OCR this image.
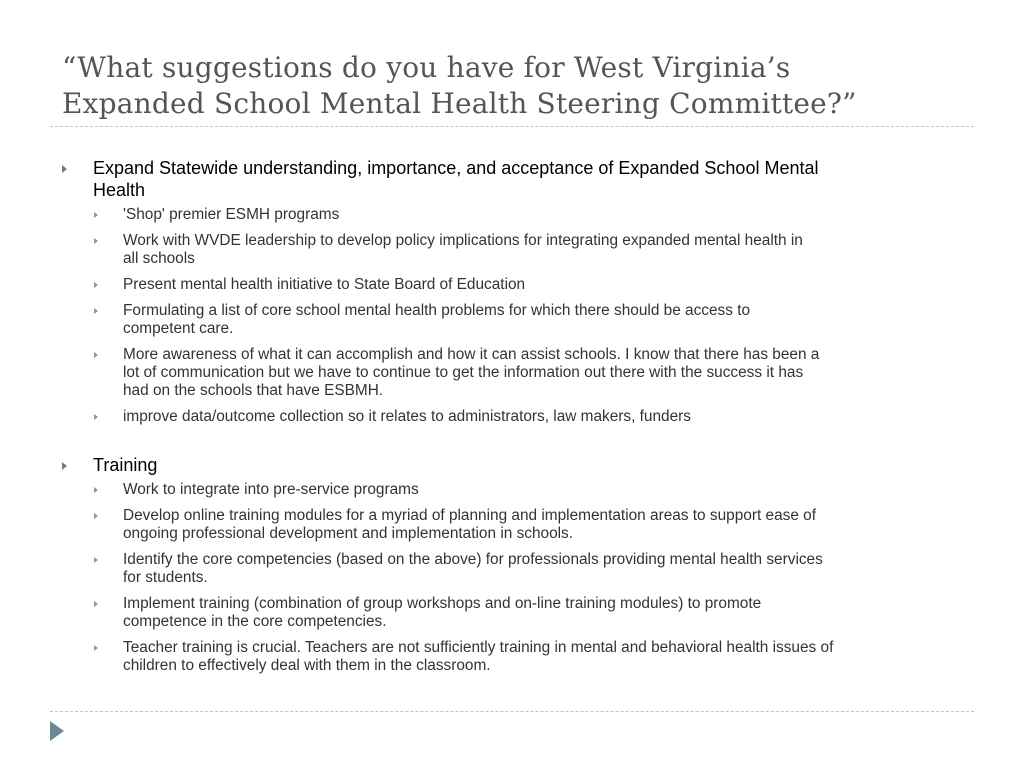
“What suggestions do you have for West Virginia’s
Expanded School Mental Health Steering Committee?”
Expand Statewide understanding, importance, and acceptance of Expanded School Mental
Health
'Shop' premier ESMH programs
Work with WVDE leadership to develop policy implications for integrating expanded mental health in
all schools
Present mental health initiative to State Board of Education
Formulating a list of core school mental health problems for which there should be access to
competent care.
More awareness of what it can accomplish and how it can assist schools. I know that there has been a
lot of communication but we have to continue to get the information out there with the success it has
had on the schools that have ESBMH.
improve data/outcome collection so it relates to administrators, law makers, funders
Training
Work to integrate into pre-service programs
Develop online training modules for a myriad of planning and implementation areas to support ease of
ongoing professional development and implementation in schools.
Identify the core competencies (based on the above) for professionals providing mental health services
for students.
Implement training (combination of group workshops and on-line training modules) to promote
competence in the core competencies.
Teacher training is crucial. Teachers are not sufficiently training in mental and behavioral health issues of
children to effectively deal with them in the classroom.
